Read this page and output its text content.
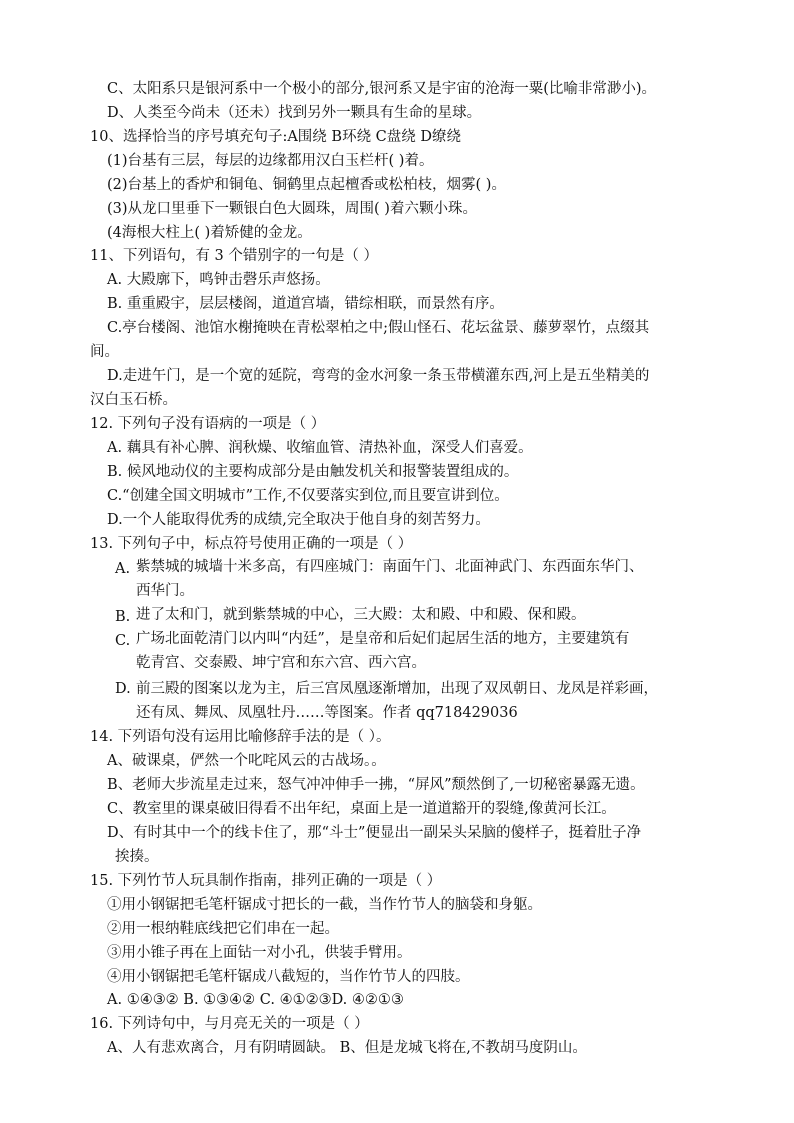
C、太阳系只是银河系中一个极小的部分,银河系又是宇宙的沧海一粟(比喻非常渺小)。
D、人类至今尚未（还未）找到另外一颗具有生命的星球。
10、选择恰当的序号填充句子:A围绕 B环绕 C盘绕 D缭绕
(1)台基有三层，每层的边缘都用汉白玉栏杆( )着。
(2)台基上的香炉和铜龟、铜鹤里点起檀香或松柏枝，烟雾( )。
(3)从龙口里垂下一颗银白色大圆珠，周围( )着六颗小珠。
(4海根大柱上( )着矫健的金龙。
11、下列语句，有 3 个错别字的一句是（ ）
A. 大殿廓下，鸣钟击磬乐声悠扬。
B. 重重殿宇，层层楼阁，道道宫墙，错综相联，而景然有序。
C.亭台楼阁、池馆水榭掩映在青松翠柏之中;假山怪石、花坛盆景、藤萝翠竹，点缀其
间。
D.走进午门，是一个宽的延院，弯弯的金水河象一条玉带横灌东西,河上是五坐精美的
汉白玉石桥。
12. 下列句子没有语病的一项是（ ）
A. 藕具有补心脾、润秋燥、收缩血管、清热补血，深受人们喜爱。
B. 候风地动仪的主要构成部分是由触发机关和报警装置组成的。
C.“创建全国文明城市”工作,不仅要落实到位,而且要宣讲到位。
D.一个人能取得优秀的成绩,完全取决于他自身的刻苦努力。
13. 下列句子中，标点符号使用正确的一项是（ ）
A. 紫禁城的城墙十米多高，有四座城门：南面午门、北面神武门、东西面东华门、
西华门。
B. 进了太和门，就到紫禁城的中心，三大殿：太和殿、中和殿、保和殿。
C. 广场北面乾清门以内叫“内廷”，是皇帝和后妃们起居生活的地方，主要建筑有
乾青宫、交泰殿、坤宁宫和东六宫、西六宫。
D. 前三殿的图案以龙为主，后三宫凤凰逐渐增加，出现了双凤朝日、龙凤是祥彩画，
还有凤、舞凤、凤凰牡丹……等图案。作者 qq718429036
14. 下列语句没有运用比喻修辞手法的是（ ）。
A、破课桌，俨然一个叱咤风云的古战场。。
B、老师大步流星走过来，怒气冲冲伸手一拂，“屏风”颓然倒了,一切秘密暴露无遗。
C、教室里的课桌破旧得看不出年纪，桌面上是一道道豁开的裂缝,像黄河长江。
D、有时其中一个的线卡住了，那“斗士”便显出一副呆头呆脑的傻样子，挺着肚子净
挨揍。
15. 下列竹节人玩具制作指南，排列正确的一项是（ ）
①用小钢锯把毛笔杆锯成寸把长的一截，当作竹节人的脑袋和身躯。
②用一根纳鞋底线把它们串在一起。
③用小锥子再在上面钻一对小孔，供装手臂用。
④用小钢锯把毛笔杆锯成八截短的，当作竹节人的四肢。
A. ①④③② B. ①③④② C. ④①②③D. ④②①③
16. 下列诗句中，与月亮无关的一项是（ ）
A、人有悲欢离合，月有阴晴圆缺。 B、但是龙城飞将在,不教胡马度阴山。
